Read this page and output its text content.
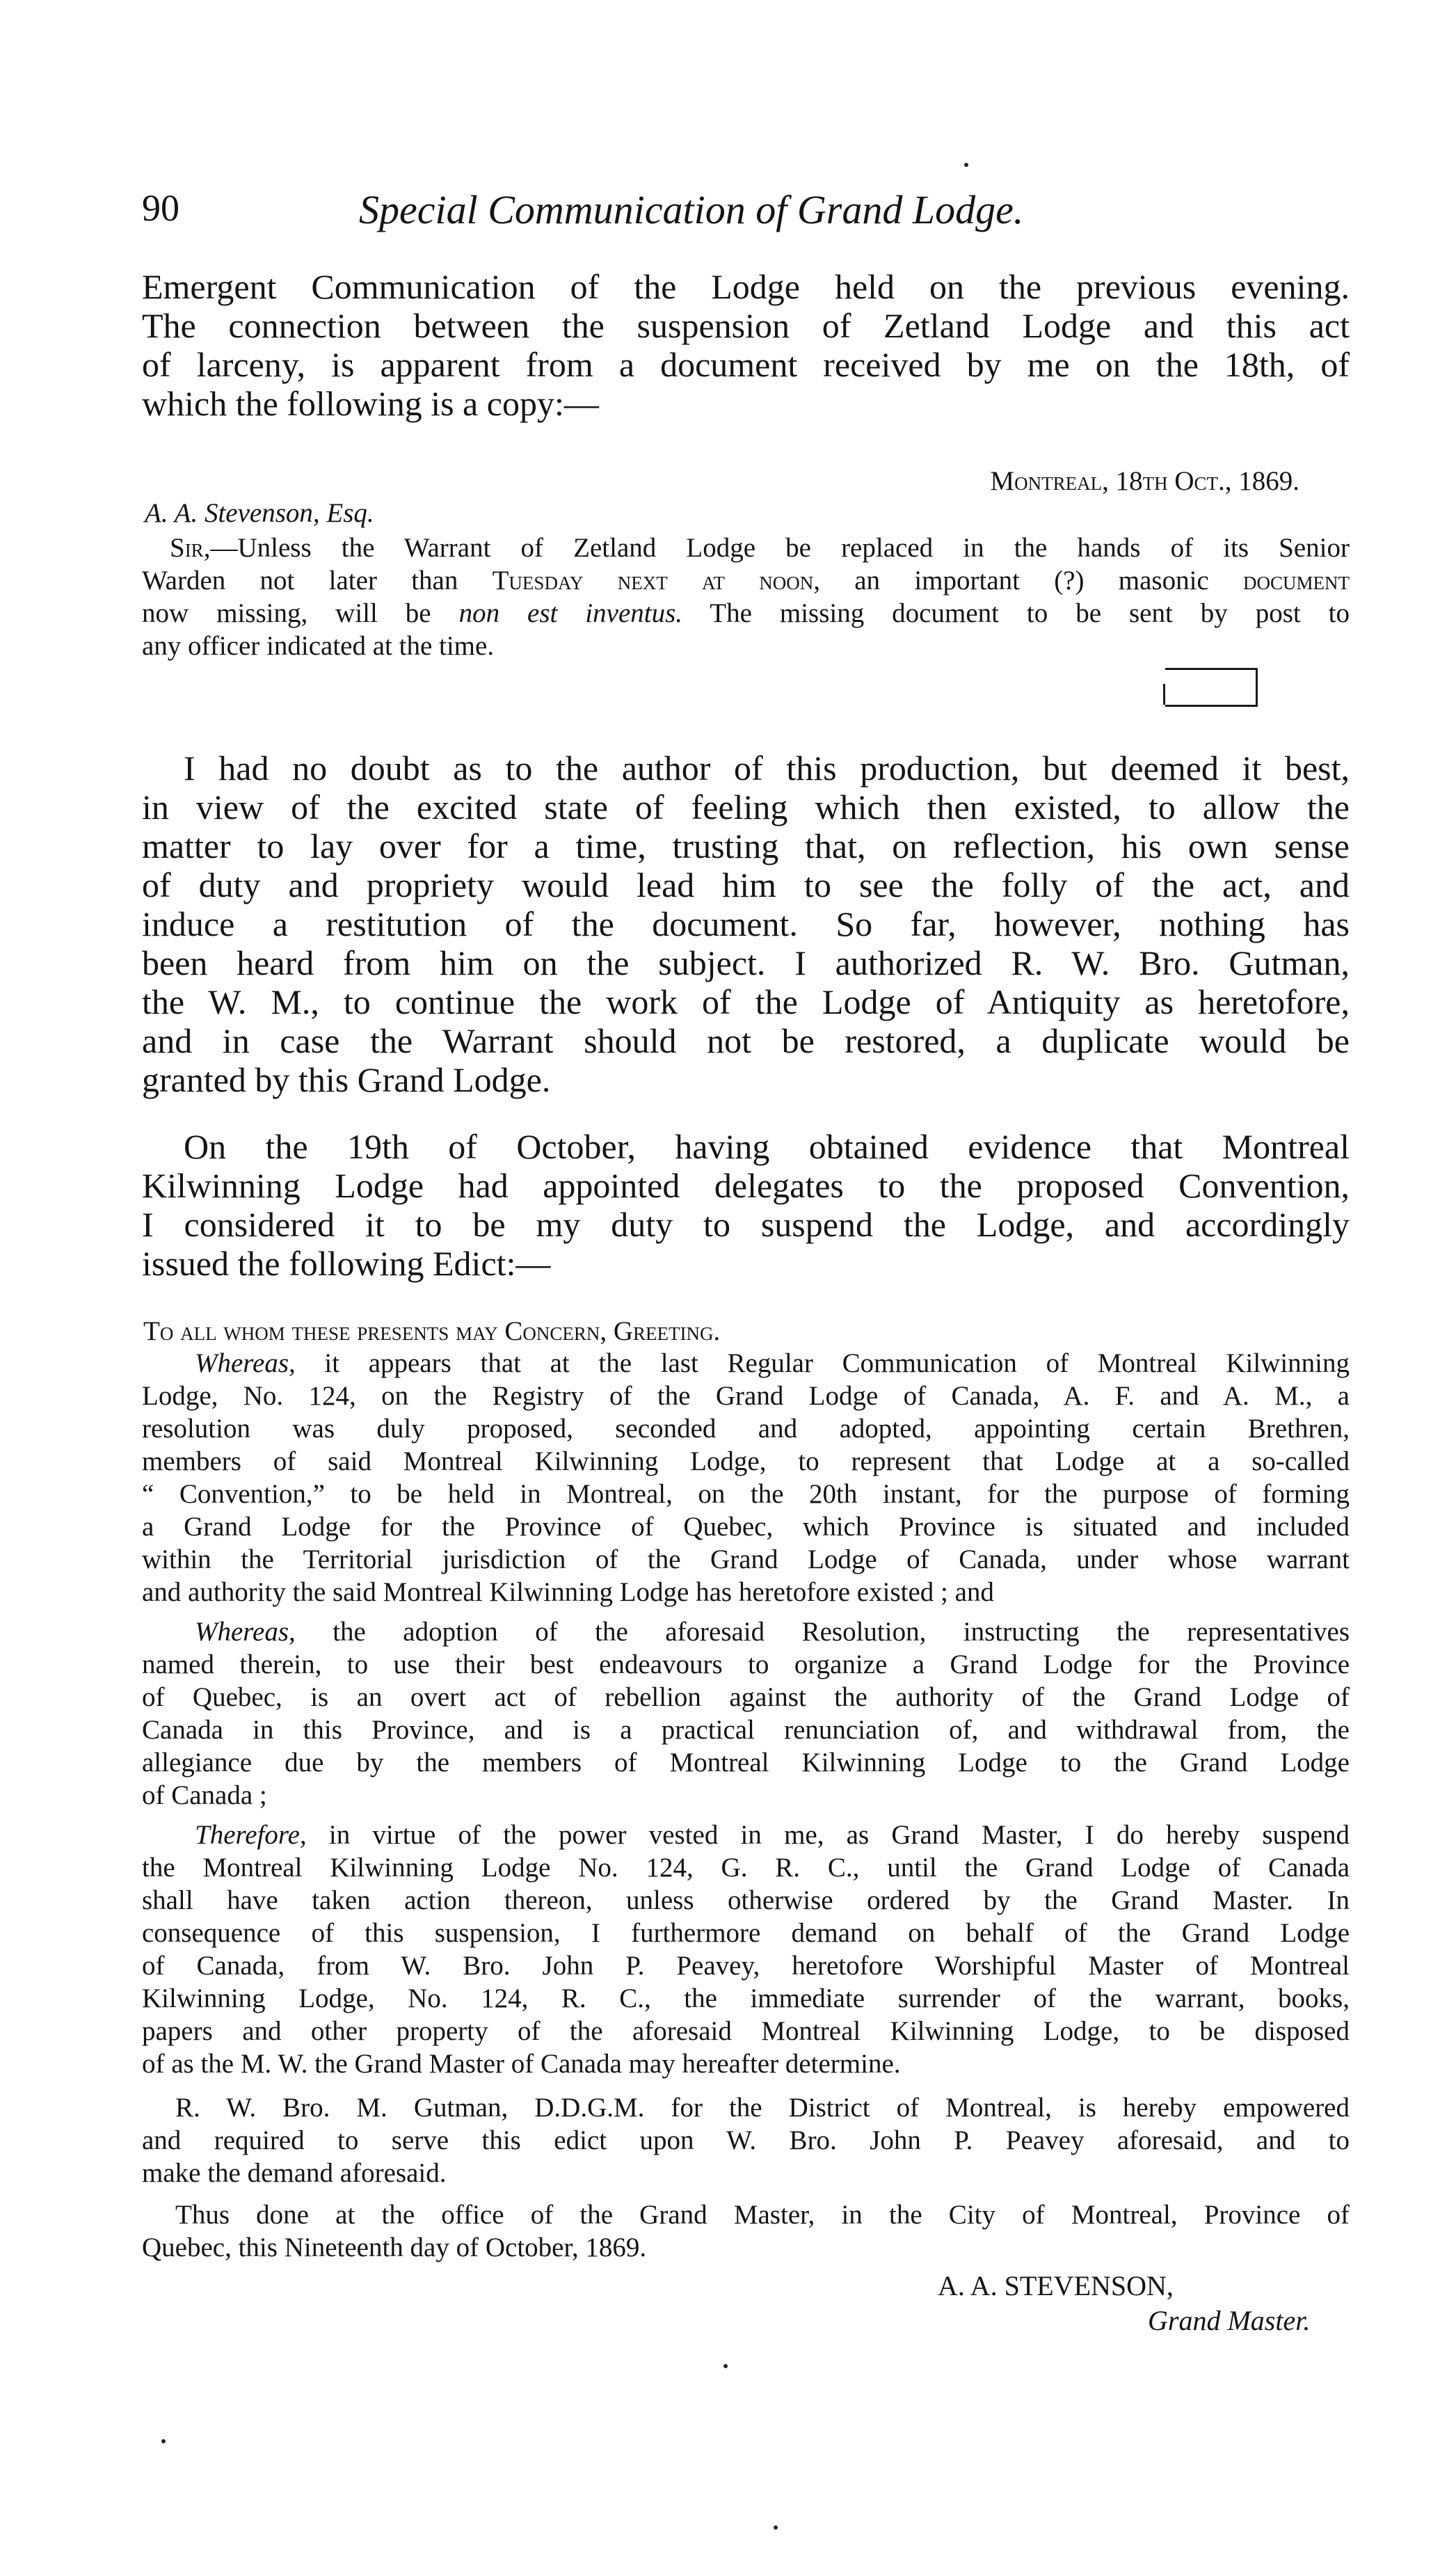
90	Special Communication of Grand Lodge.
Emergent Communication of the Lodge held on the previous evening.
The connection between the suspension of Zetland Lodge and this act
of larceny, is apparent from a document received by me on the 18th, of
which the following is a copy:—
Montreal, 18th Oct., 1869.
A. A. Stevenson, Esq.
Sir,—Unless the Warrant of Zetland Lodge be replaced in the hands of its Senior
Warden not later than Tuesday next at noon, an important (?) masonic document
now missing, will be non est inventus. The missing document to be sent by post to
any officer indicated at the time.
I had no doubt as to the author of this production, but deemed it best,
in view of the excited state of feeling which then existed, to allow the
matter to lay over for a time, trusting that, on reflection, his own sense
of duty and propriety would lead him to see the folly of the act, and
induce a restitution of the document. So far, however, nothing has
been heard from him on the subject. I authorized R. W. Bro. Gutman,
the W. M., to continue the work of the Lodge of Antiquity as heretofore,
and in case the Warrant should not be restored, a duplicate would be
granted by this Grand Lodge.
On the 19th of October, having obtained evidence that Montreal
Kilwinning Lodge had appointed delegates to the proposed Convention,
I considered it to be my duty to suspend the Lodge, and accordingly
issued the following Edict:—
To all whom these presents may Concern, Greeting.
Whereas, it appears that at the last Regular Communication of Montreal Kilwinning
Lodge, No. 124, on the Registry of the Grand Lodge of Canada, A. F. and A. M., a
resolution was duly proposed, seconded and adopted, appointing certain Brethren,
members of said Montreal Kilwinning Lodge, to represent that Lodge at a so-called
“ Convention,” to be held in Montreal, on the 20th instant, for the purpose of forming
a Grand Lodge for the Province of Quebec, which Province is situated and included
within the Territorial jurisdiction of the Grand Lodge of Canada, under whose warrant
and authority the said Montreal Kilwinning Lodge has heretofore existed ; and
Whereas, the adoption of the aforesaid Resolution, instructing the representatives
named therein, to use their best endeavours to organize a Grand Lodge for the Province
of Quebec, is an overt act of rebellion against the authority of the Grand Lodge of
Canada in this Province, and is a practical renunciation of, and withdrawal from, the
allegiance due by the members of Montreal Kilwinning Lodge to the Grand Lodge
of Canada ;
Therefore, in virtue of the power vested in me, as Grand Master, I do hereby suspend
the Montreal Kilwinning Lodge No. 124, G. R. C., until the Grand Lodge of Canada
shall have taken action thereon, unless otherwise ordered by the Grand Master. In
consequence of this suspension, I furthermore demand on behalf of the Grand Lodge
of Canada, from W. Bro. John P. Peavey, heretofore Worshipful Master of Montreal
Kilwinning Lodge, No. 124, R. C., the immediate surrender of the warrant, books,
papers and other property of the aforesaid Montreal Kilwinning Lodge, to be disposed
of as the M. W. the Grand Master of Canada may hereafter determine.
R. W. Bro. M. Gutman, D.D.G.M. for the District of Montreal, is hereby empowered
and required to serve this edict upon W. Bro. John P. Peavey aforesaid, and to
make the demand aforesaid.
Thus done at the office of the Grand Master, in the City of Montreal, Province of
Quebec, this Nineteenth day of October, 1869.
A. A. STEVENSON,
Grand Master.
